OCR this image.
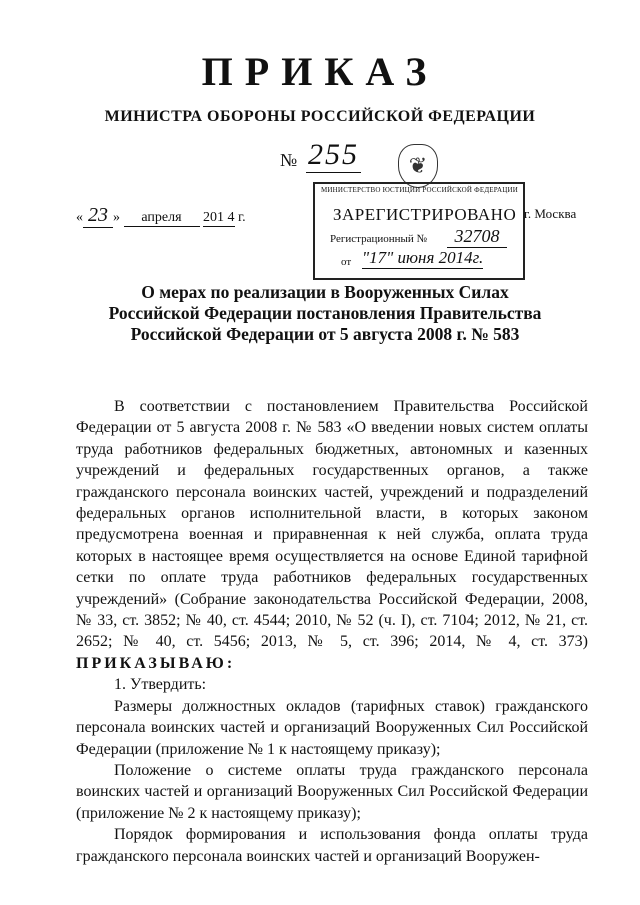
ПРИКАЗ
МИНИСТРА ОБОРОНЫ РОССИЙСКОЙ ФЕДЕРАЦИИ
№ 255	❦
МИНИСТЕРСТВО ЮСТИЦИИ РОССИЙСКОЙ ФЕДЕРАЦИИ
ЗАРЕГИСТРИРОВАНО
Регистрационный №	32708
от "17" июня 2014г.
« 23 » апреля 201 4 г.	г. Москва
О мерах по реализации в Вооруженных Силах Российской Федерации постановления Правительства Российской Федерации от 5 августа 2008 г. № 583

В соответствии с постановлением Правительства Российской Федерации от 5 августа 2008 г. № 583 «О введении новых систем оплаты труда работников федеральных бюджетных, автономных и казенных учреждений и федеральных государственных органов, а также гражданского персонала воинских частей, учреждений и подразделений федеральных органов исполнительной власти, в которых законом предусмотрена военная и приравненная к ней служба, оплата труда которых в настоящее время осуществляется на основе Единой тарифной сетки по оплате труда работников федеральных государственных учреждений» (Собрание законодательства Российской Федерации, 2008, № 33, ст. 3852; № 40, ст. 4544; 2010, № 52 (ч. I), ст. 7104; 2012, № 21, ст. 2652; № 40, ст. 5456; 2013, № 5, ст. 396; 2014, № 4, ст. 373) ПРИКАЗЫВАЮ:

1. Утвердить:

Размеры должностных окладов (тарифных ставок) гражданского персонала воинских частей и организаций Вооруженных Сил Российской Федерации (приложение № 1 к настоящему приказу);

Положение о системе оплаты труда гражданского персонала воинских частей и организаций Вооруженных Сил Российской Федерации (приложение № 2 к настоящему приказу);

Порядок формирования и использования фонда оплаты труда гражданского персонала воинских частей и организаций Вооружен-
